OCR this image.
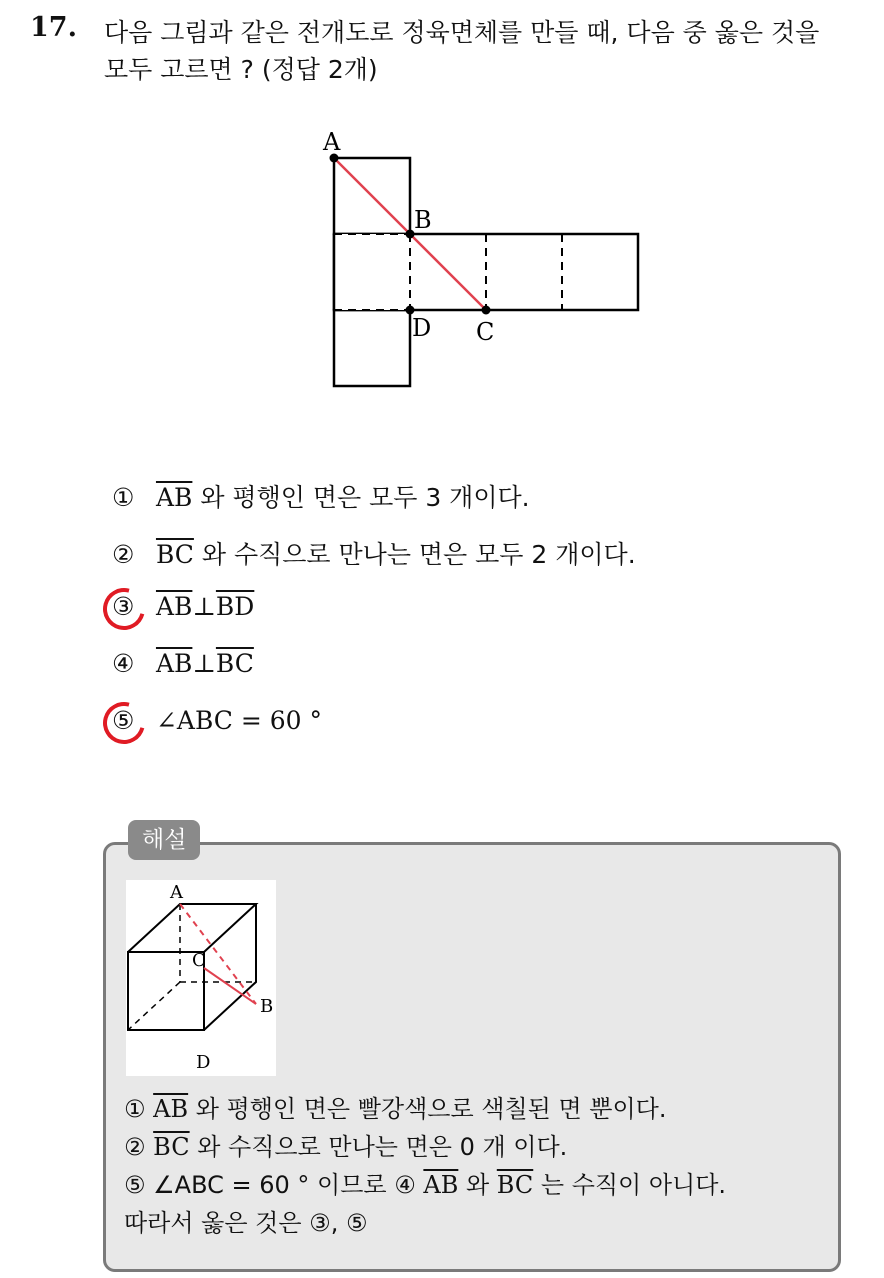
17. 다음 그림과 같은 전개도로 정육면체를 만들 때, 다음 중 옳은 것을
모두 고르면 ? (정답 2개)
A
B
D C
① $\overline{AB}$ 와 평행인 면은 모두 3 개이다.
② $\overline{BC}$ 와 수직으로 만나는 면은 모두 2 개이다.
③ $\overline{AB}\perp\overline{BD}$
④ $\overline{AB}\perp\overline{BC}$
⑤ ∠ABC = 60 °
해설
A
C
B
D
① $\overline{AB}$ 와 평행인 면은 빨강색으로 색칠된 면 뿐이다.
② $\overline{BC}$ 와 수직으로 만나는 면은 0 개 이다.
⑤ ∠ABC = 60 ° 이므로 ④ $\overline{AB}$ 와 $\overline{BC}$ 는 수직이 아니다.
따라서 옳은 것은 ③, ⑤
